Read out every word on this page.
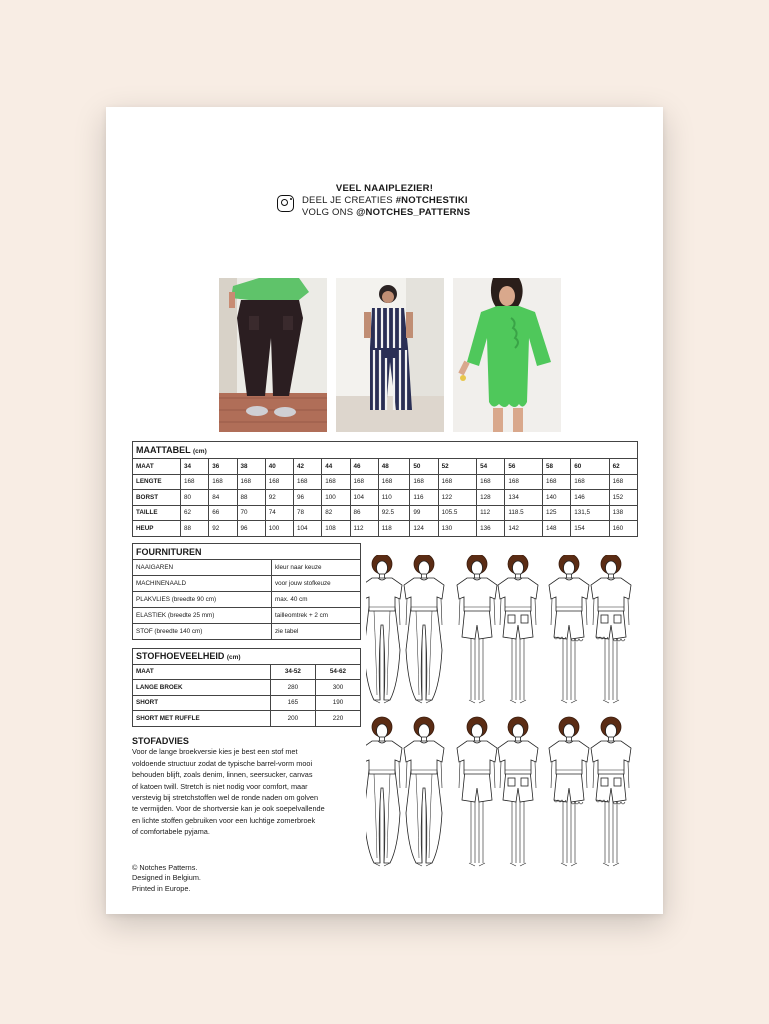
VEEL NAAIPLEZIER!
DEEL JE CREATIES #NOTCHESTIKI
VOLG ONS @NOTCHES_PATTERNS
MAATTABEL (cm)															
MAAT	34	36	38	40	42	44	46	48	50	52	54	56	58	60	62
LENGTE	168	168	168	168	168	168	168	168	168	168	168	168	168	168	168
BORST	80	84	88	92	96	100	104	110	116	122	128	134	140	146	152
TAILLE	62	66	70	74	78	82	86	92.5	99	105.5	112	118.5	125	131,5	138
HEUP	88	92	96	100	104	108	112	118	124	130	136	142	148	154	160
FOURNITUREN	
NAAIGAREN	kleur naar keuze
MACHINENAALD	voor jouw stofkeuze
PLAKVLIES (breedte 90 cm)	max. 40 cm
ELASTIEK (breedte 25 mm)	tailleomtrek + 2 cm
STOF (breedte 140 cm)	zie tabel
STOFHOEVEELHEID (cm)		
MAAT	34-52	54-62
LANGE BROEK	280	300
SHORT	165	190
SHORT MET RUFFLE	200	220
STOFADVIES

Voor de lange broekversie kies je best een stof met
voldoende structuur zodat de typische barrel-vorm mooi
behouden blijft, zoals denim, linnen, seersucker, canvas
of katoen twill. Stretch is niet nodig voor comfort, maar
verstevig bij stretchstoffen wel de ronde naden om golven
te vermijden. Voor de shortversie kan je ook soepelvallende
en lichte stoffen gebruiken voor een luchtige zomerbroek
of comfortabele pyjama.

© Notches Patterns.
Designed in Belgium.
Printed in Europe.
